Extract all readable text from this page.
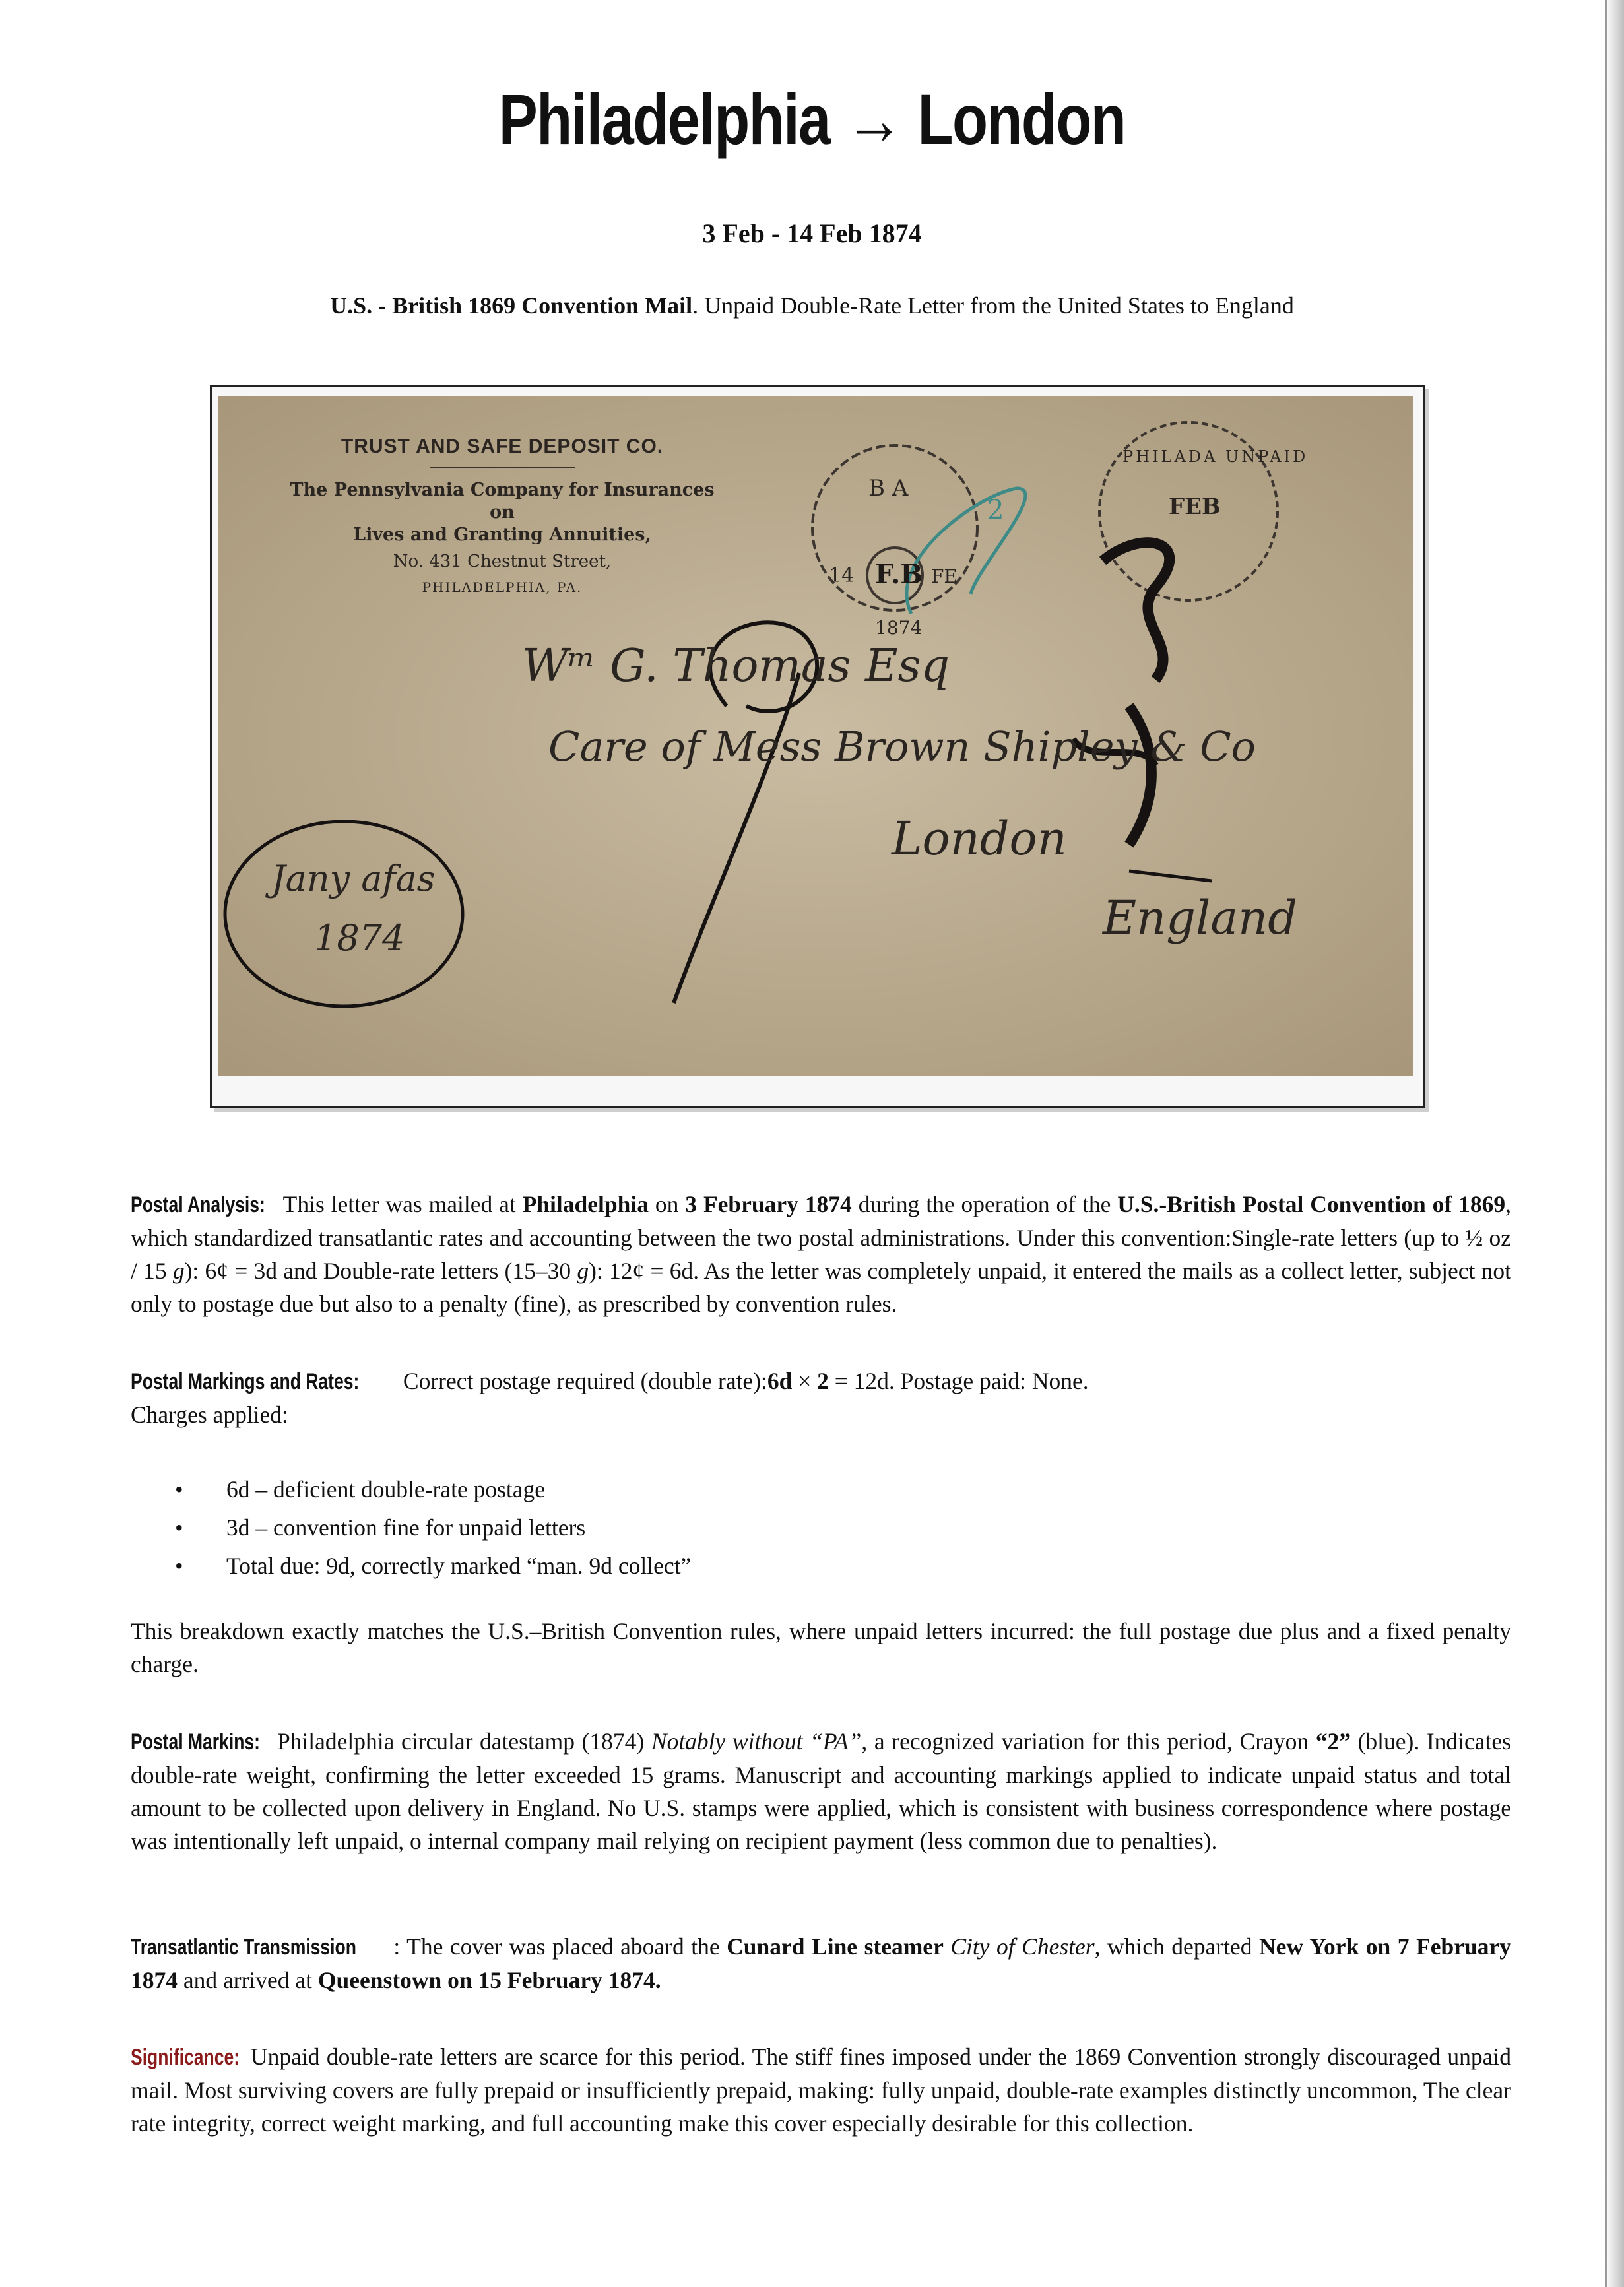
Philadelphia → London
3 Feb - 14 Feb 1874
U.S. - British 1869 Convention Mail. Unpaid Double-Rate Letter from the United States to England
TRUST AND SAFE DEPOSIT CO.
The Pennsylvania Company for Insurances on
Lives and Granting Annuities,
No. 431 Chestnut Street,
PHILADELPHIA, PA.
B A
14 F.B FE
1874
PHILADA UNPAID
FEB
2
Wᵐ G. Thomas Esq
Care of Mess Brown Shipley & Co
London
England
Jany afas
1874
Postal Analysis: This letter was mailed at Philadelphia on 3 February 1874 during the operation of the U.S.-British Postal Convention of 1869, which standardized transatlantic rates and accounting between the two postal administrations. Under this convention:Single-rate letters (up to ½ oz / 15 g): 6¢ = 3d and Double-rate letters (15–30 g): 12¢ = 6d. As the letter was completely unpaid, it entered the mails as a collect letter, subject not only to postage due but also to a penalty (fine), as prescribed by convention rules.
Postal Markings and Rates: Correct postage required (double rate):6d × 2 = 12d. Postage paid: None.
Charges applied:
• 6d – deficient double-rate postage
• 3d – convention fine for unpaid letters
• Total due: 9d, correctly marked “man. 9d collect”
This breakdown exactly matches the U.S.–British Convention rules, where unpaid letters incurred: the full postage due plus and a fixed penalty charge.
Postal Markins: Philadelphia circular datestamp (1874) Notably without “PA”, a recognized variation for this period, Crayon “2” (blue). Indicates double-rate weight, confirming the letter exceeded 15 grams. Manuscript and accounting markings applied to indicate unpaid status and total amount to be collected upon delivery in England. No U.S. stamps were applied, which is consistent with business correspondence where postage was intentionally left unpaid, o internal company mail relying on recipient payment (less common due to penalties).
Transatlantic Transmission : The cover was placed aboard the Cunard Line steamer City of Chester, which departed New York on 7 February 1874 and arrived at Queenstown on 15 February 1874.
Significance: Unpaid double-rate letters are scarce for this period. The stiff fines imposed under the 1869 Convention strongly discouraged unpaid mail. Most surviving covers are fully prepaid or insufficiently prepaid, making: fully unpaid, double-rate examples distinctly uncommon, The clear rate integrity, correct weight marking, and full accounting make this cover especially desirable for this collection.
